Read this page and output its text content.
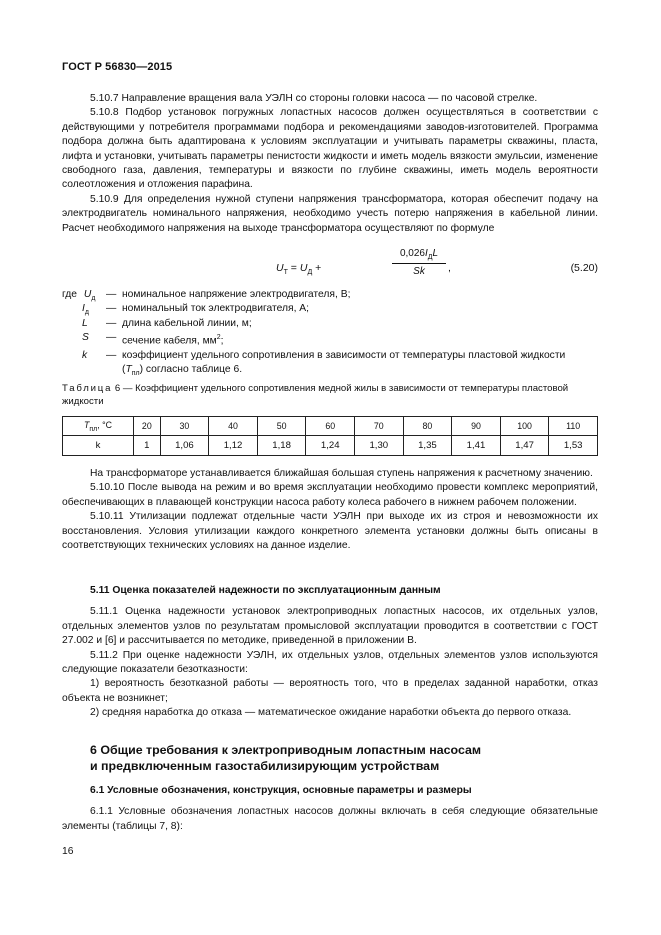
ГОСТ Р 56830—2015

5.10.7 Направление вращения вала УЭЛН со стороны головки насоса — по часовой стрелке.

5.10.8 Подбор установок погружных лопастных насосов должен осуществляться в соответствии с действующими у потребителя программами подбора и рекомендациями заводов-изготовителей. Программа подбора должна быть адаптирована к условиям эксплуатации и учитывать параметры скважины, пласта, лифта и установки, учитывать параметры пенистости жидкости и иметь модель вязкости эмульсии, изменение свободного газа, давления, температуры и вязкости по глубине скважины, иметь модель вероятности солеотложения и отложения парафина.

5.10.9 Для определения нужной ступени напряжения трансформатора, которая обеспечит подачу на электродвигатель номинального напряжения, необходимо учесть потерю напряжения в кабельной линии. Расчет необходимого напряжения на выходе трансформатора осуществляют по формуле

$U_Т = U_Д$ +
$0,026I_ДL$
Sk	,	(5.20)
где $U_д$	— номинальное напряжение электродвигателя, В;
$I_д$ — номинальный ток электродвигателя, А;
L — длина кабельной линии, м;
S — сечение кабеля, $мм^2$;
k — коэффициент удельного сопротивления в зависимости от температуры пластовой жидкости
$(T_{пл})$ согласно таблице 6.
Таблица 6 — Коэффициент удельного сопротивления медной жилы в зависимости от температуры пластовой жидкости
$T_{пл}$, °С	20	30	40	50	60	70	80	90	100	110
k	1	1,06	1,12	1,18	1,24	1,30	1,35	1,41	1,47	1,53

На трансформаторе устанавливается ближайшая большая ступень напряжения к расчетному значению.

5.10.10 После вывода на режим и во время эксплуатации необходимо провести комплекс мероприятий, обеспечивающих в плавающей конструкции насоса работу колеса рабочего в нижнем рабочем положении.

5.10.11 Утилизации подлежат отдельные части УЭЛН при выходе их из строя и невозможности их восстановления. Условия утилизации каждого конкретного элемента установки должны быть описаны в соответствующих технических условиях на данное изделие.

5.11 Оценка показателей надежности по эксплуатационным данным

5.11.1 Оценка надежности установок электроприводных лопастных насосов, их отдельных узлов, отдельных элементов узлов по результатам промысловой эксплуатации проводится в соответствии с ГОСТ 27.002 и [6] и рассчитывается по методике, приведенной в приложении В.

5.11.2 При оценке надежности УЭЛН, их отдельных узлов, отдельных элементов узлов используются следующие показатели безотказности:

1) вероятность безотказной работы — вероятность того, что в пределах заданной наработки, отказ объекта не возникнет;

2) средняя наработка до отказа — математическое ожидание наработки объекта до первого отказа.

6 Общие требования к электроприводным лопастным насосам
и предвключенным газостабилизирующим устройствам

6.1 Условные обозначения, конструкция, основные параметры и размеры

6.1.1 Условные обозначения лопастных насосов должны включать в себя следующие обязательные элементы (таблицы 7, 8):

16
